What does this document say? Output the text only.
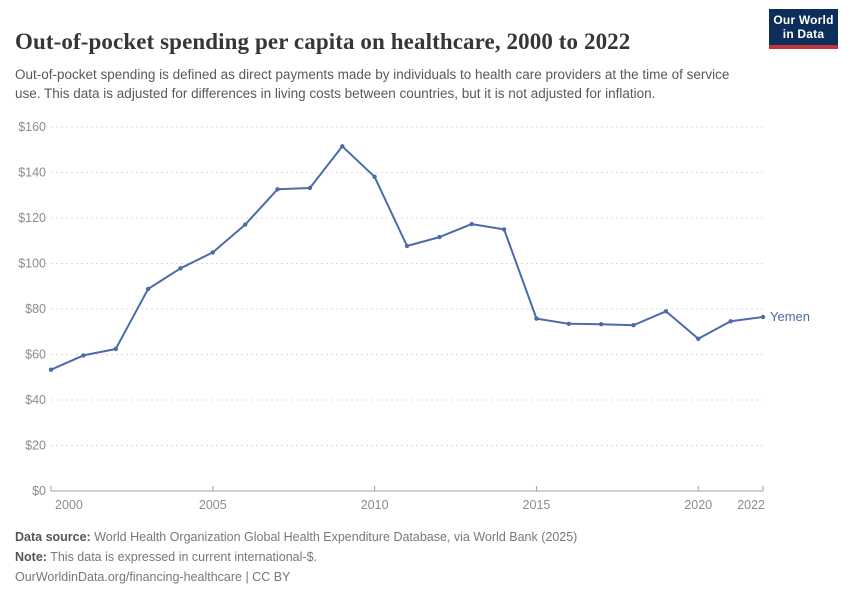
Out-of-pocket spending per capita on healthcare, 2000 to 2022
Our World
in Data

Out-of-pocket spending is defined as direct payments made by individuals to health care providers at the time of service use. This data is adjusted for differences in living costs between countries, but it is not adjusted for inflation.

$0
$20
$40
$60
$80
$100
$120
$140
$160
2000	2005	2010	2015	2020 2022
Yemen

Data source: World Health Organization Global Health Expenditure Database, via World Bank (2025)

Note: This data is expressed in current international-$.

OurWorldinData.org/financing-healthcare | CC BY
